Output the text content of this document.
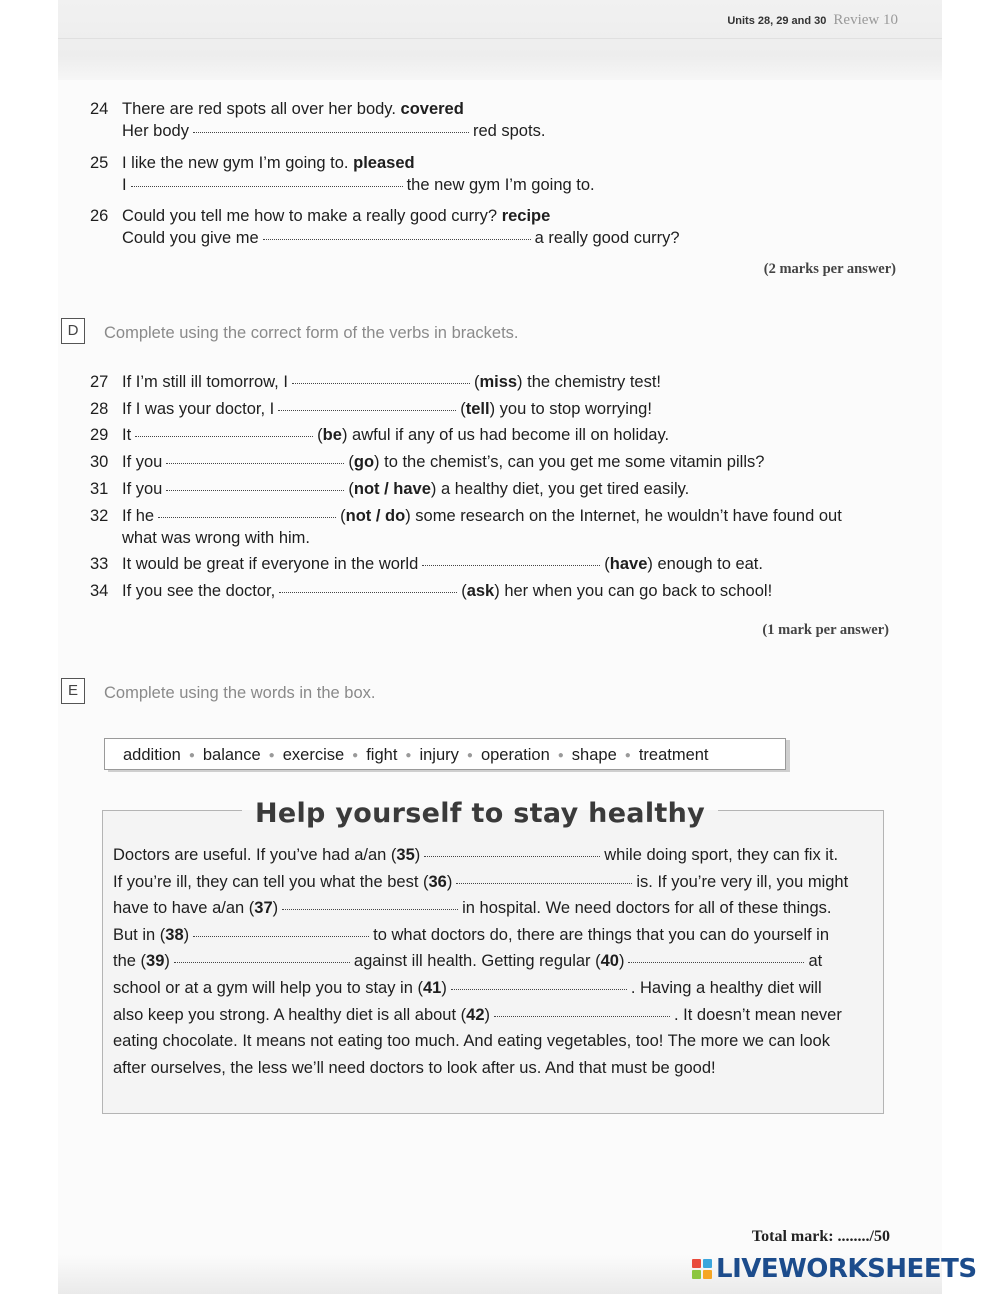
Units 28, 29 and 30 Review 10
24 There are red spots all over her body. covered
Her body	red spots.
25 I like the new gym I’m going to. pleased
I	the new gym I’m going to.
26 Could you tell me how to make a really good curry? recipe
Could you give me	a really good curry?
(2 marks per answer)
D	Complete using the correct form of the verbs in brackets.
27 If I’m still ill tomorrow, I	(miss) the chemistry test!
28 If I was your doctor, I	(tell) you to stop worrying!
29 It	(be) awful if any of us had become ill on holiday.
30 If you	(go) to the chemist’s, can you get me some vitamin pills?
31 If you	(not / have) a healthy diet, you get tired easily.
32 If he	(not / do) some research on the Internet, he wouldn’t have found out
what was wrong with him.
33 It would be great if everyone in the world	(have) enough to eat.
34 If you see the doctor,	(ask) her when you can go back to school!
(1 mark per answer)
E	Complete using the words in the box.
addition ● balance ● exercise ● fight ● injury ● operation ● shape ● treatment
Help yourself to stay healthy
Doctors are useful. If you’ve had a/an (35)	while doing sport, they can fix it.
If you’re ill, they can tell you what the best (36)	is. If you’re very ill, you might
have to have a/an (37)	in hospital. We need doctors for all of these things.
But in (38)	to what doctors do, there are things that you can do yourself in
the (39)	against ill health. Getting regular (40)	at
school or at a gym will help you to stay in (41)	. Having a healthy diet will
also keep you strong. A healthy diet is all about (42)	. It doesn’t mean never
eating chocolate. It means not eating too much. And eating vegetables, too! The more we can look
after ourselves, the less we’ll need doctors to look after us. And that must be good!
Total mark: ......../50
LIVEWORKSHEETS
